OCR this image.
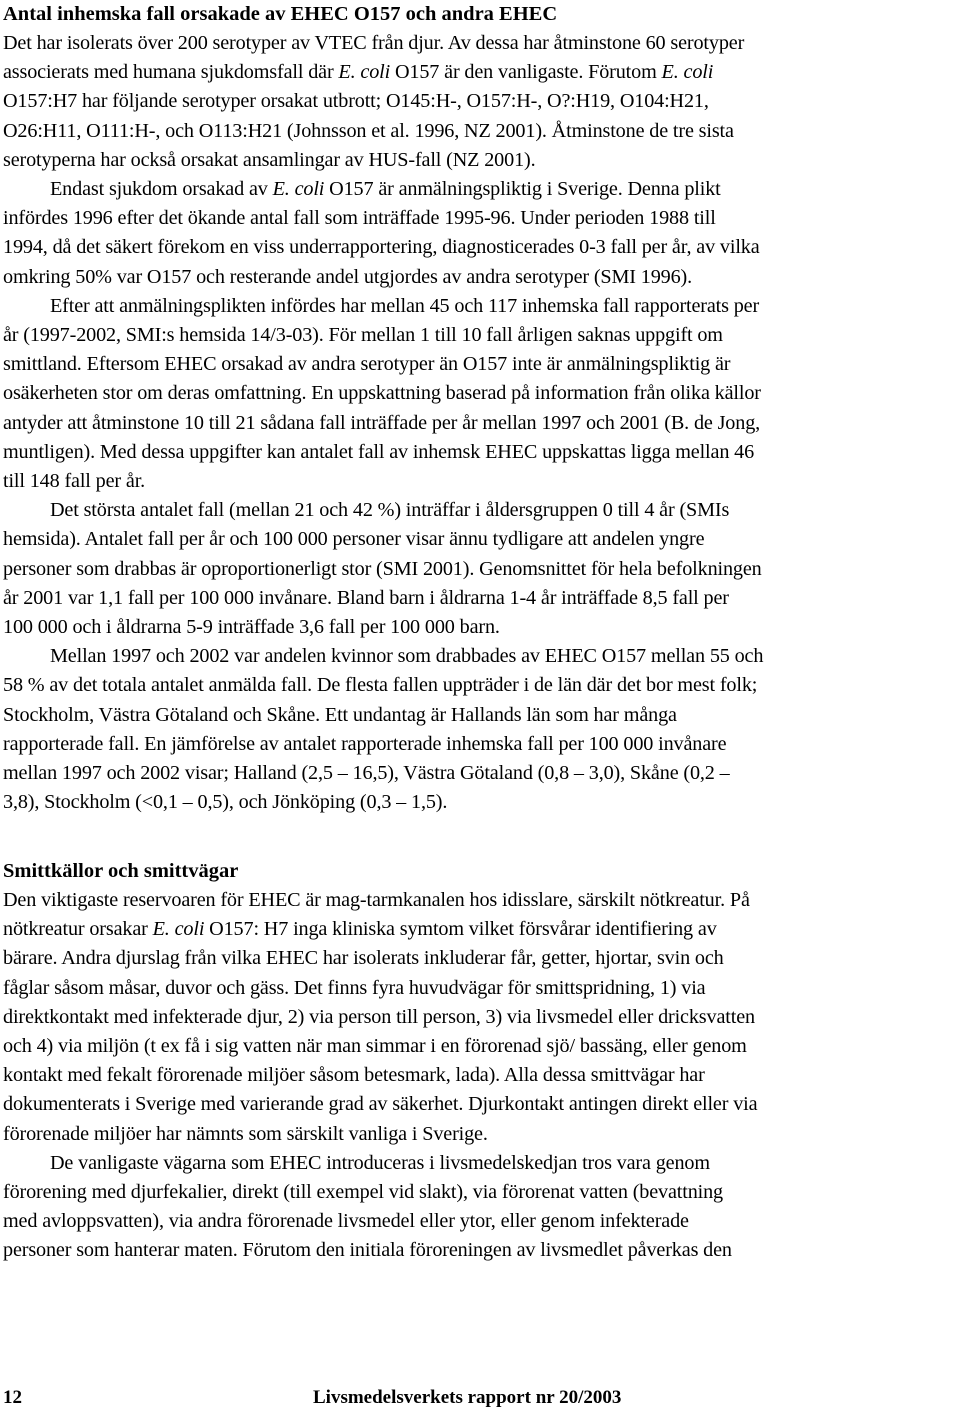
Antal inhemska fall orsakade av EHEC O157 och andra EHEC
Det har isolerats över 200 serotyper av VTEC från djur. Av dessa har åtminstone 60 serotyper
associerats med humana sjukdomsfall där E. coli O157 är den vanligaste. Förutom E. coli
O157:H7 har följande serotyper orsakat utbrott; O145:H-, O157:H-, O?:H19, O104:H21,
O26:H11, O111:H-, och O113:H21 (Johnsson et al. 1996, NZ 2001). Åtminstone de tre sista
serotyperna har också orsakat ansamlingar av HUS-fall (NZ 2001).
Endast sjukdom orsakad av E. coli O157 är anmälningspliktig i Sverige. Denna plikt
infördes 1996 efter det ökande antal fall som inträffade 1995-96. Under perioden 1988 till
1994, då det säkert förekom en viss underrapportering, diagnosticerades 0-3 fall per år, av vilka
omkring 50% var O157 och resterande andel utgjordes av andra serotyper (SMI 1996).
Efter att anmälningsplikten infördes har mellan 45 och 117 inhemska fall rapporterats per
år (1997-2002, SMI:s hemsida 14/3-03). För mellan 1 till 10 fall årligen saknas uppgift om
smittland. Eftersom EHEC orsakad av andra serotyper än O157 inte är anmälningspliktig är
osäkerheten stor om deras omfattning. En uppskattning baserad på information från olika källor
antyder att åtminstone 10 till 21 sådana fall inträffade per år mellan 1997 och 2001 (B. de Jong,
muntligen). Med dessa uppgifter kan antalet fall av inhemsk EHEC uppskattas ligga mellan 46
till 148 fall per år.
Det största antalet fall (mellan 21 och 42 %) inträffar i åldersgruppen 0 till 4 år (SMIs
hemsida). Antalet fall per år och 100 000 personer visar ännu tydligare att andelen yngre
personer som drabbas är oproportionerligt stor (SMI 2001). Genomsnittet för hela befolkningen
år 2001 var 1,1 fall per 100 000 invånare. Bland barn i åldrarna 1-4 år inträffade 8,5 fall per
100 000 och i åldrarna 5-9 inträffade 3,6 fall per 100 000 barn.
Mellan 1997 och 2002 var andelen kvinnor som drabbades av EHEC O157 mellan 55 och
58 % av det totala antalet anmälda fall. De flesta fallen uppträder i de län där det bor mest folk;
Stockholm, Västra Götaland och Skåne. Ett undantag är Hallands län som har många
rapporterade fall. En jämförelse av antalet rapporterade inhemska fall per 100 000 invånare
mellan 1997 och 2002 visar; Halland (2,5 – 16,5), Västra Götaland (0,8 – 3,0), Skåne (0,2 –
3,8), Stockholm (<0,1 – 0,5), och Jönköping (0,3 – 1,5).
Smittkällor och smittvägar
Den viktigaste reservoaren för EHEC är mag-tarmkanalen hos idisslare, särskilt nötkreatur. På
nötkreatur orsakar E. coli O157: H7 inga kliniska symtom vilket försvårar identifiering av
bärare. Andra djurslag från vilka EHEC har isolerats inkluderar får, getter, hjortar, svin och
fåglar såsom måsar, duvor och gäss. Det finns fyra huvudvägar för smittspridning, 1) via
direktkontakt med infekterade djur, 2) via person till person, 3) via livsmedel eller dricksvatten
och 4) via miljön (t ex få i sig vatten när man simmar i en förorenad sjö/ bassäng, eller genom
kontakt med fekalt förorenade miljöer såsom betesmark, lada). Alla dessa smittvägar har
dokumenterats i Sverige med varierande grad av säkerhet. Djurkontakt antingen direkt eller via
förorenade miljöer har nämnts som särskilt vanliga i Sverige.
De vanligaste vägarna som EHEC introduceras i livsmedelskedjan tros vara genom
förorening med djurfekalier, direkt (till exempel vid slakt), via förorenat vatten (bevattning
med avloppsvatten), via andra förorenade livsmedel eller ytor, eller genom infekterade
personer som hanterar maten. Förutom den initiala föroreningen av livsmedlet påverkas den
12	Livsmedelsverkets rapport nr 20/2003
